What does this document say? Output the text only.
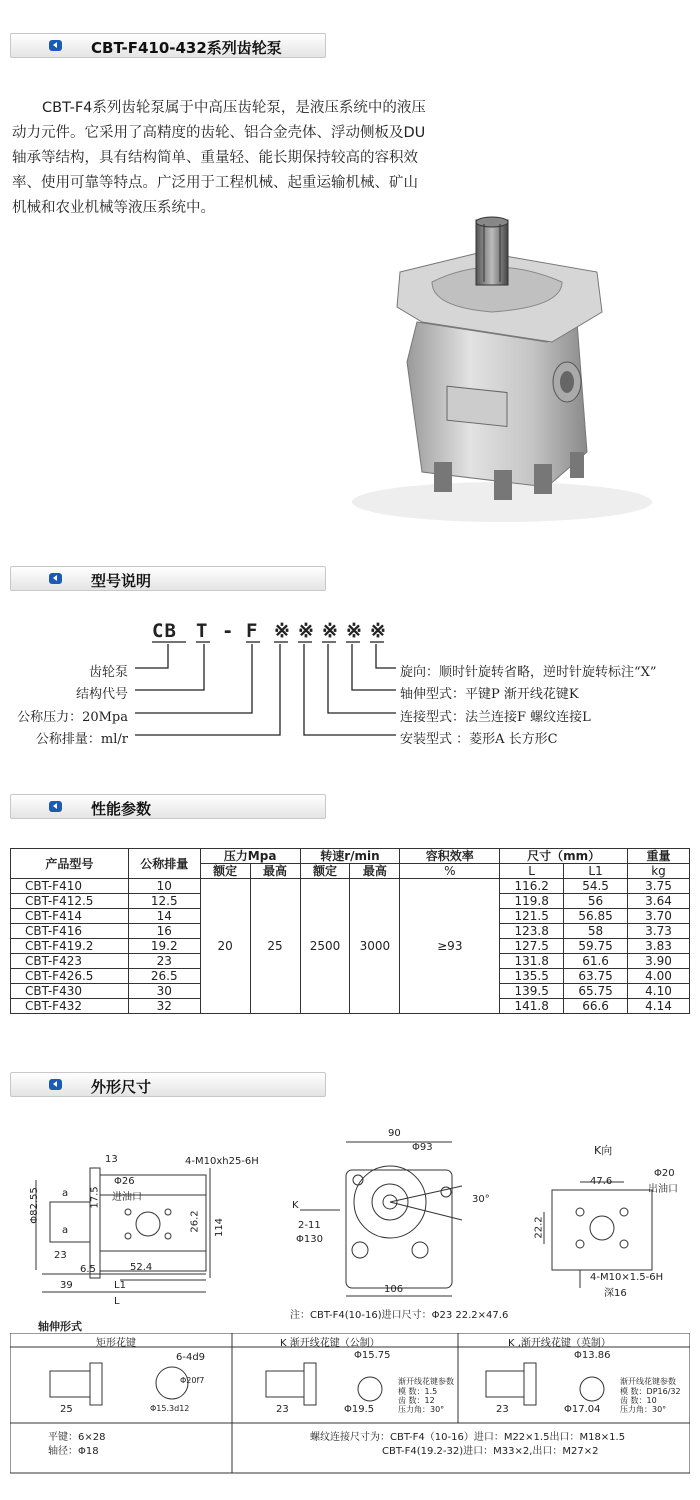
CBT-F410-432系列齿轮泵
CBT-F4系列齿轮泵属于中高压齿轮泵，是液压系统中的液压
动力元件。它采用了高精度的齿轮、铝合金壳体、浮动侧板及DU
轴承等结构，具有结构简单、重量轻、能长期保持较高的容积效
率、使用可靠等特点。广泛用于工程机械、起重运输机械、矿山
机械和农业机械等液压系统中。
型号说明
CB T - F ※ ※ ※ ※ ※
齿轮泵
结构代号
公称压力：20Mpa
公称排量：ml/r
旋向：顺时针旋转省略，逆时针旋转标注“X”
轴伸型式：平键P 渐开线花键K
连接型式：法兰连接F 螺纹连接L
安装型式 ：菱形A 长方形C
性能参数
产品型号	公称排量	压力Mpa		转速r/min		容积效率	尺寸（mm）		重量
		额定	最高	额定	最高	%	L	L1	kg
CBT-F410	10	20	25	2500	3000	≥93	116.2	54.5	3.75
CBT-F412.5	12.5						119.8	56	3.64
CBT-F414	14						121.5	56.85	3.70
CBT-F416	16						123.8	58	3.73
CBT-F419.2	19.2						127.5	59.75	3.83
CBT-F423	23						131.8	61.6	3.90
CBT-F426.5	26.5						135.5	63.75	4.00
CBT-F430	30						139.5	65.75	4.10
CBT-F432	32						141.8	66.6	4.14
外形尺寸
13	4-M10xh25-6H
Φ26
进油口
Φ82.55 a
a
17.5
26.2 114
23
6.5	52.4
39	L1
L
90
Φ93
K
2-11
Φ130
30°
106
注：CBT-F4(10-16)进口尺寸：Φ23 22.2×47.6
K向
47.6
Φ20
出油口
22.2
4-M10×1.5-6H
深16
轴伸形式
矩形花键	K 渐开线花键（公制）	K ,渐开线花键（英制）
6-4d9
Φ20f7
Φ15.3d12
Φ15.75
Φ19.5
渐开线花键参数
模 数：1.5
齿 数：12
压力角：30°
Φ13.86
Φ17.04
渐开线花键参数
模 数：DP16/32
齿 数：10
压力角：30°
25	23	23
平键：6×28
轴径：Φ18
螺纹连接尺寸为：CBT-F4（10-16）进口：M22×1.5出口：M18×1.5
CBT-F4(19.2-32)进口：M33×2,出口：M27×2
